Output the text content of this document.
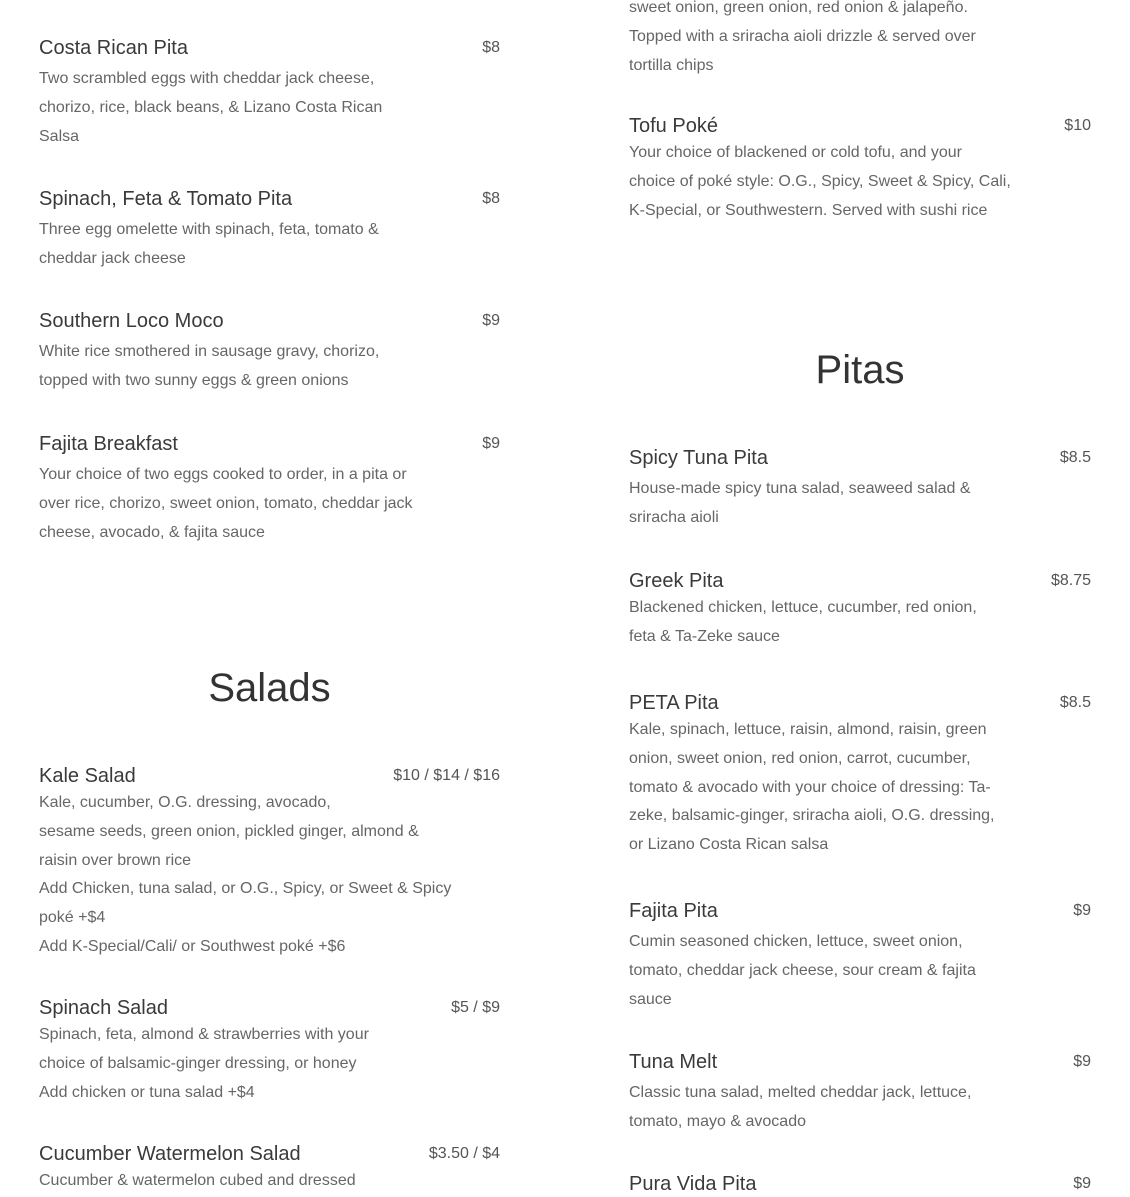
Costa Rican Pita	$8
Two scrambled eggs with cheddar jack cheese,
chorizo, rice, black beans, & Lizano Costa Rican
Salsa
Spinach, Feta & Tomato Pita	$8
Three egg omelette with spinach, feta, tomato &
cheddar jack cheese
Southern Loco Moco	$9
White rice smothered in sausage gravy, chorizo,
topped with two sunny eggs & green onions
Fajita Breakfast	$9
Your choice of two eggs cooked to order, in a pita or
over rice, chorizo, sweet onion, tomato, cheddar jack
cheese, avocado, & fajita sauce
Salads
Kale Salad	$10 / $14 / $16
Kale, cucumber, O.G. dressing, avocado,
sesame seeds, green onion, pickled ginger, almond &
raisin over brown rice
Add Chicken, tuna salad, or O.G., Spicy, or Sweet & Spicy
poké +$4
Add K-Special/Cali/ or Southwest poké +$6
Spinach Salad	$5 / $9
Spinach, feta, almond & strawberries with your
choice of balsamic-ginger dressing, or honey
Add chicken or tuna salad +$4
Cucumber Watermelon Salad	$3.50 / $4
Cucumber & watermelon cubed and dressed
sweet onion, green onion, red onion & jalapeño.
Topped with a sriracha aioli drizzle & served over
tortilla chips
Tofu Poké	$10
Your choice of blackened or cold tofu, and your
choice of poké style: O.G., Spicy, Sweet & Spicy, Cali,
K-Special, or Southwestern. Served with sushi rice
Pitas
Spicy Tuna Pita	$8.5
House-made spicy tuna salad, seaweed salad &
sriracha aioli
Greek Pita	$8.75
Blackened chicken, lettuce, cucumber, red onion,
feta & Ta-Zeke sauce
PETA Pita	$8.5
Kale, spinach, lettuce, raisin, almond, raisin, green
onion, sweet onion, red onion, carrot, cucumber,
tomato & avocado with your choice of dressing: Ta-
zeke, balsamic-ginger, sriracha aioli, O.G. dressing,
or Lizano Costa Rican salsa
Fajita Pita	$9
Cumin seasoned chicken, lettuce, sweet onion,
tomato, cheddar jack cheese, sour cream & fajita
sauce
Tuna Melt	$9
Classic tuna salad, melted cheddar jack, lettuce,
tomato, mayo & avocado
Pura Vida Pita	$9
